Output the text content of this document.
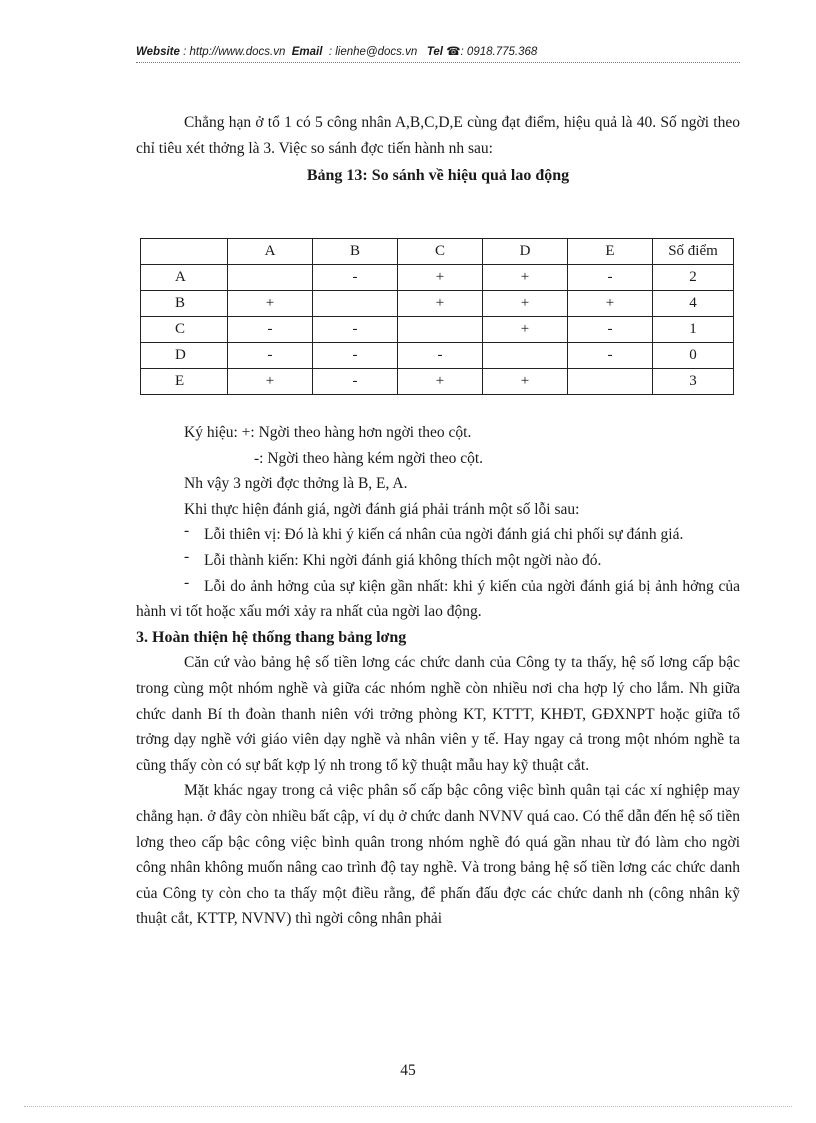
Website : http://www.docs.vn Email : lienhe@docs.vn Tel ☎: 0918.775.368

Chẳng hạn ở tổ 1 có 5 công nhân A,B,C,D,E cùng đạt điểm, hiệu quả là 40. Số ngời theo chỉ tiêu xét thởng là 3. Việc so sánh đợc tiến hành nh sau:

Bảng 13: So sánh về hiệu quả lao động

	A	B	C	D	E	Số điểm
A		-	+	+	-	2
B	+		+	+	+	4
C	-	-		+	-	1
D	-	-	-		-	0
E	+	-	+	+		3

Ký hiệu: +: Ngời theo hàng hơn ngời theo cột.

-: Ngời theo hàng kém ngời theo cột.

Nh vậy 3 ngời đợc thởng là B, E, A.

Khi thực hiện đánh giá, ngời đánh giá phải tránh một số lỗi sau:

- Lỗi thiên vị: Đó là khi ý kiến cá nhân của ngời đánh giá chi phối sự đánh giá.

- Lỗi thành kiến: Khi ngời đánh giá không thích một ngời nào đó.

- Lỗi do ảnh hởng của sự kiện gần nhất: khi ý kiến của ngời đánh giá bị ảnh hởng của hành vi tốt hoặc xấu mới xảy ra nhất của ngời lao động.

3. Hoàn thiện hệ thống thang bảng lơng

Căn cứ vào bảng hệ số tiền lơng các chức danh của Công ty ta thấy, hệ số lơng cấp bậc trong cùng một nhóm nghề và giữa các nhóm nghề còn nhiều nơi cha hợp lý cho lắm. Nh giữa chức danh Bí th đoàn thanh niên với trởng phòng KT, KTTT, KHĐT, GĐXNPT hoặc giữa tổ trởng dạy nghề với giáo viên dạy nghề và nhân viên y tế. Hay ngay cả trong một nhóm nghề ta cũng thấy còn có sự bất kợp lý nh trong tổ kỹ thuật mẫu hay kỹ thuật cắt.

Mặt khác ngay trong cả việc phân số cấp bậc công việc bình quân tại các xí nghiệp may chẳng hạn. ở đây còn nhiều bất cập, ví dụ ở chức danh NVNV quá cao. Có thể dẫn đến hệ số tiền lơng theo cấp bậc công việc bình quân trong nhóm nghề đó quá gần nhau từ đó làm cho ngời công nhân không muốn nâng cao trình độ tay nghề. Và trong bảng hệ số tiền lơng các chức danh của Công ty còn cho ta thấy một điều rằng, để phấn đấu đợc các chức danh nh (công nhân kỹ thuật cắt, KTTP, NVNV) thì ngời công nhân phải

45
